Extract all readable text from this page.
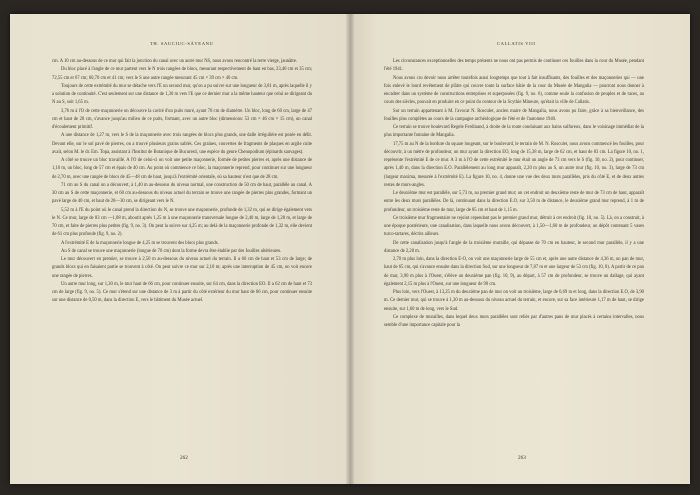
TH. SAUCIUC-SĂVEANU

cm. A 10 cm au-dessous de ce mur qui fait la jonction du canal avec un autre mur NS, nous avons rencontré la terre vierge, jaunâtre.

Du bloc placé à l'angle de ce mur partent vers le N trois rangées de blocs, mesurant respectivement de haut en bas, 23,40 cm et 35 cm; 72,55 cm et 67 cm; 60,70 cm et 41 cm; vers le S une autre rangée mesurant 45 cm × 39 cm × 40 cm.

Toujours de cette extrémité du mur se détache vers l'E un second mur, qu'on a pu suivre sur une longueur de 3,81 m, après laquelle il y a solution de continuité. C'est seulement sur une distance de 1,30 m vers l'E que ce dernier mur a la même hauteur que celui se dirigeant du N au S, soit 1,65 m.

3,76 m à l'O de cette maçonnerie on découvre la cavité d'un puits muré, ayant 70 cm de diamètre. Un bloc, long de 60 cm, large de 47 cm et haut de 28 cm, s'avance jusqu'au milieu de ce puits, formant, avec un autre bloc (dimensions: 53 cm × 46 cm × 15 cm), un canal d'écoulement primitif.

A une distance de 1,27 m, vers le S de la maçonnerie avec trois rangées de blocs plus grands, une dalle irrégulière est posée en délit. Devant elle, sur le sol pavé de pierres, on a trouvé plusieurs grains sablés. Ces graines, couvertes de fragments de plaques en argile cuite avait, selon M. le dr. Em. Topa, assistant à l'Institut de Botanique de Bucuresti, une espèce du genre Chenopodium (épinards sauvages).

A côté se trouve un bloc travaillé. A l'O de celui-ci on voit une petite maçonnerie, formée de petites pierres et, après une distance de 1,10 m, un bloc, long de 57 cm et épais de 40 cm. Au point où commence ce bloc, la maçonnerie reprend, pour continuer sur une longueur de 2,70 m, avec une rangée de blocs de 45—48 cm de haut, jusqu'à l'extrémité orientale, où sa hauteur n'est que de 28 cm.

71 cm au S du canal on a découvert, à 1,40 m au-dessous du niveau normal, une construction de 50 cm de haut, parallèle au canal. A 30 cm au S de cette maçonnerie, et 60 cm au-dessous du niveau actuel du terrain se trouve une rangée de pierres plus grandes, formant un pavé large de 40 cm, et haut de 28—30 cm, se dirigeant vers le N.

5,52 m à l'E du point où le canal prend la direction du N, se trouve une maçonnerie, profonde de 1,32 m, qui se dirige également vers le N. Ce mur, large de 83 cm —1,08 m, aboutit après 1,25 m à une maçonnerie transversale longue de 2,40 m, large de 1,28 m, et large de 70 cm, et faite de pierres plus petites (fig. 9, no. 3). On peut la suivre sur 4,25 m; au delà de la maçonnerie profonde de 1,32 m, elle devient de 61 cm plus profonde (fig. 9, no. 2).

A l'extrémité E de la maçonnerie longue de 4,25 m se trouvent des blocs plus grands.

Au S de canal se trouve une maçonnerie (longue de 70 cm) dont la forme devra être établie par des fouilles ultérieures.

Le mur découvert en premier, se trouve à 2,50 m au-dessous du niveau actuel du terrain. Il a 66 cm de haut et 53 cm de large; de grands blocs qui en faisaient partie se trouvent à côté. On peut suivre ce mur sur 2,10 m; après une interruption de 45 cm, on voit encore une rangée de pierres.

Un autre mur long, sur 1,30 m, le mur haut de 66 cm, pour continuer ensuite, sur 64 cm, dans la direction EO. Il a 62 cm de haut et 73 cm de large (fig. 9, no. 5). Ce mur s'étend sur une distance de 3 m à partir du côté extérieur du mur haut de 66 cm, pour continuer ensuite sur une distance de 0,50 m, dans la direction E, vers le bâtiment du Musée actuel.

262
CALLATIS VIII

Les circonstances exceptionnelles des temps présents ne nous ont pas permis de continuer ces fouilles dans la cour du Musée, pendant l'été 1941.

Nous avons cru devoir nous arrêter toutefois aussi longtemps que tout à fait insuffisants, des fouilles et des maçonneries qui — une fois enlevé le lourd revêtement de plâtre qui couvre toute la surface bâtie de la cour du Musée de Mangalia — pourront nous donner à encadrer dans un système de constructions entreprises et superposées (fig. 9, no. 6), comme seule la confusion de peuples et de races, au cours des siècles, pouvait en produire en ce point du contour de la Scythie Mineure, qu'était la ville de Callatis.

Sur un terrain appartenant à M. l'avocat N. Rosculet, ancien maire de Mangalia, nous avons pu faire, grâce à sa bienveillance, des fouilles plus complètes au cours de la campagne archéologique de l'été et de l'automne 1940.

Ce terrain se trouve boulevard Regele Ferdinand, à droite de la route conduisant aux bains sulfureux, dans le voisinage immédiat de la plus importante fontaine de Mangalia.

17,75 m au N de la bordure du square longeant, sur le boulevard, le terrain de M. N. Rosculet, nous avons commencé les fouilles, pour découvrir, à un mètre de profondeur, un mur ayant la direction EO, long de 15,38 m, large de 62 cm, et haut de 83 cm. La figure 10, no. 1, représente l'extrémité E de ce mur. A 3 m à l'O de cette extrémité le mur était un angle de 73 cm vers le S (fig. 10, no. 2), pour continuer, après 1,40 m, dans la direction E.O. Parallèlement au long mur apparaît, 2,20 m plus au S, un autre mur (fig. 10, no. 3), large de 73 cm (largeur maxima, mesurée à l'extrémité E). La figure 10, no. 4, donne une vue des deux murs parallèles, pris du côté E, et de deux autres restes de murs-angles.

Le deuxième mur est parallèle, sur 5,73 m, au premier grand mur; on cet endroit un deuxième reste de mur de 73 cm de haut, apparaît entre les deux murs parallèles. De là, continuant dans la direction E.O, sur 3,50 m de distance, le deuxième grand mur reprend, à 1 m de profondeur, un troisième reste de mur, large de 85 cm et haut de 1,15 m.

Ce troisième mur fragmentaire ne rejoint cependant pas le premier grand mur, détruit à cet endroit (fig. 10, no. 5). Là, on a construit, à une époque postérieure, une canalisation, dans laquelle nous avons découvert, à 1,50—1,60 m de profondeur, un dépôt contenant 5 vases turco-tartares, décrits ailleurs.

De cette canalisation jusqu'à l'angle de la troisième muraille, qui dépasse de 70 cm en hauteur, le second mur parallèle, il y a une distance de 2,20 m.

2,70 m plus loin, dans la direction E-O, on voit une maçonnerie large de 55 cm et, après une autre distance de 4,36 m, un pan de mur, haut de 65 cm, qui s'avance ensuite dans la direction Sud, sur une longueur de 7,87 m et une largeur de 53 cm (fig. 10, 8). A partir de ce pan de mur, 3,90 m plus à l'Ouest, s'élève un deuxième pan (fig. 10, 9), au départ, à 57 cm de profondeur, se trouve un dallage, qui ayant également 2,15 m plus à l'Ouest, sur une longueur de 90 cm.

Plus loin, vers l'Ouest, à 13,25 m du deuxième pan de mur on voit un troisième, large de 0,69 m et long, dans la direction E.O, de 3,90 m. Ce dernier mur, qui se trouve à 1,30 m au-dessous du niveau actuel du terrain, et encore, sur sa face intérieure 1,17 m de haut, se dirige ensuite, sur 1,60 m de long, vers le Sud.

Ce complexe de murailles, dans lequel deux murs parallèles sont reliés par d'autres pans de mur placés à certains intervalles, nous semble d'une importance capitale pour la

263
